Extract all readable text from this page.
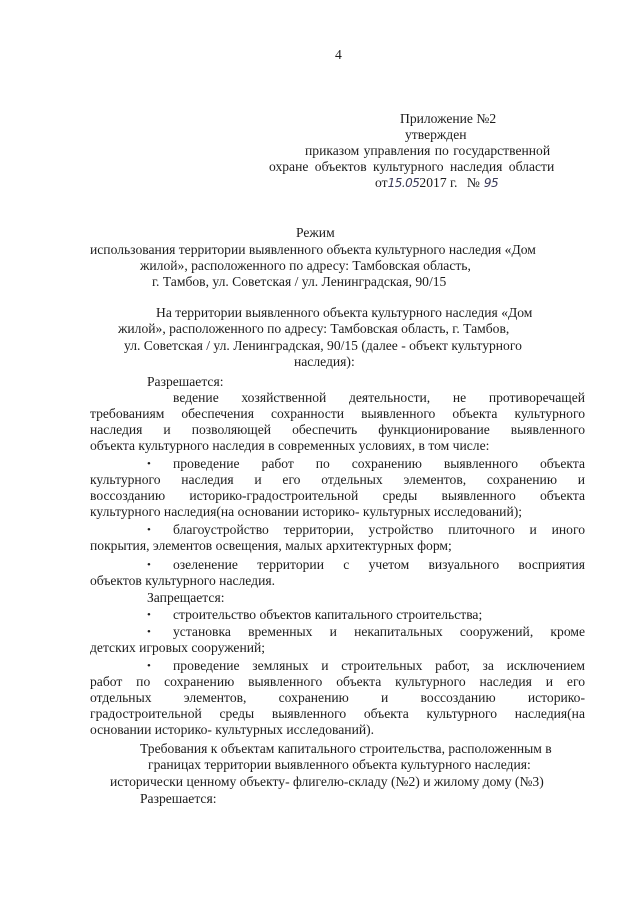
4
Приложение №2
утвержден
приказом управления по государственной
охране объектов культурного наследия области
от15.052017 г. № 95
Режим
использования территории выявленного объекта культурного наследия «Дом
жилой», расположенного по адресу: Тамбовская область,
г. Тамбов, ул. Советская / ул. Ленинградская, 90/15
На территории выявленного объекта культурного наследия «Дом
жилой», расположенного по адресу: Тамбовская область, г. Тамбов,
ул. Советская / ул. Ленинградская, 90/15 (далее - объект культурного
наследия):
Разрешается:
ведение хозяйственной деятельности, не противоречащей
требованиям обеспечения сохранности выявленного объекта культурного
наследия и позволяющей обеспечить функционирование выявленного
объекта культурного наследия в современных условиях, в том числе:
• проведение работ по сохранению выявленного объекта
культурного наследия и его отдельных элементов, сохранению и
воссозданию историко-градостроительной среды выявленного объекта
культурного наследия(на основании историко- культурных исследований);
• благоустройство территории, устройство плиточного и иного
покрытия, элементов освещения, малых архитектурных форм;
• озеленение территории с учетом визуального восприятия
объектов культурного наследия.
Запрещается:
• строительство объектов капитального строительства;
• установка временных и некапитальных сооружений, кроме
детских игровых сооружений;
• проведение земляных и строительных работ, за исключением
работ по сохранению выявленного объекта культурного наследия и его
отдельных элементов, сохранению и воссозданию историко-
градостроительной среды выявленного объекта культурного наследия(на
основании историко- культурных исследований).
Требования к объектам капитального строительства, расположенным в
границах территории выявленного объекта культурного наследия:
исторически ценному объекту- флигелю-складу (№2) и жилому дому (№3)
Разрешается:
